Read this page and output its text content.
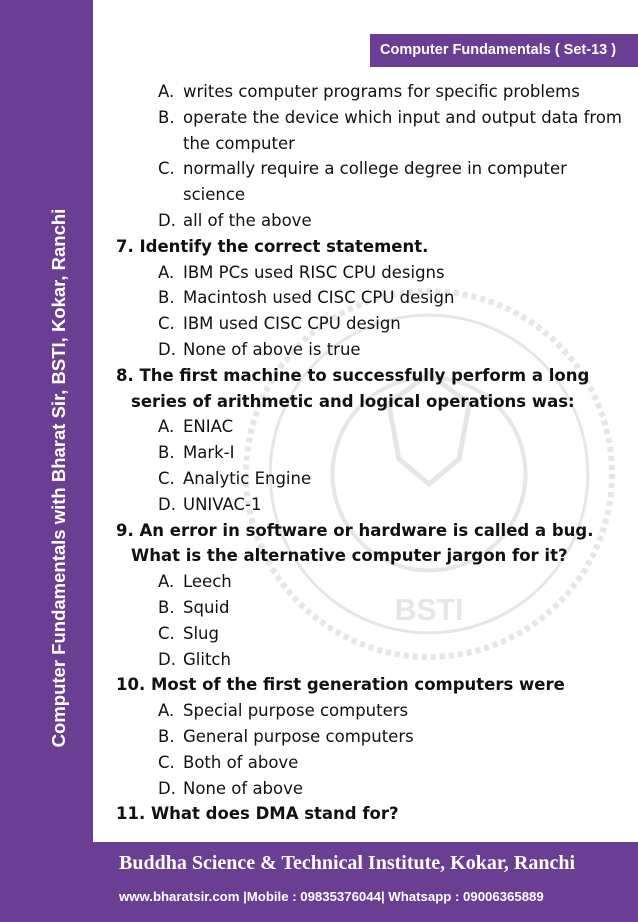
Computer Fundamentals with Bharat Sir, BSTI, Kokar, Ranchi
Computer Fundamentals ( Set-13 )
BSTI
A. writes computer programs for specific problems
B. operate the device which input and output data from the computer
C. normally require a college degree in computer science
D. all of the above
7. Identify the correct statement.
A. IBM PCs used RISC CPU designs
B. Macintosh used CISC CPU design
C. IBM used CISC CPU design
D. None of above is true
8. The first machine to successfully perform a long series of arithmetic and logical operations was:
A. ENIAC
B. Mark-I
C. Analytic Engine
D. UNIVAC-1
9. An error in software or hardware is called a bug. What is the alternative computer jargon for it?
A. Leech
B. Squid
C. Slug
D. Glitch
10. Most of the first generation computers were
A. Special purpose computers
B. General purpose computers
C. Both of above
D. None of above
11. What does DMA stand for?
Buddha Science & Technical Institute, Kokar, Ranchi
www.bharatsir.com |Mobile : 09835376044| Whatsapp : 09006365889
